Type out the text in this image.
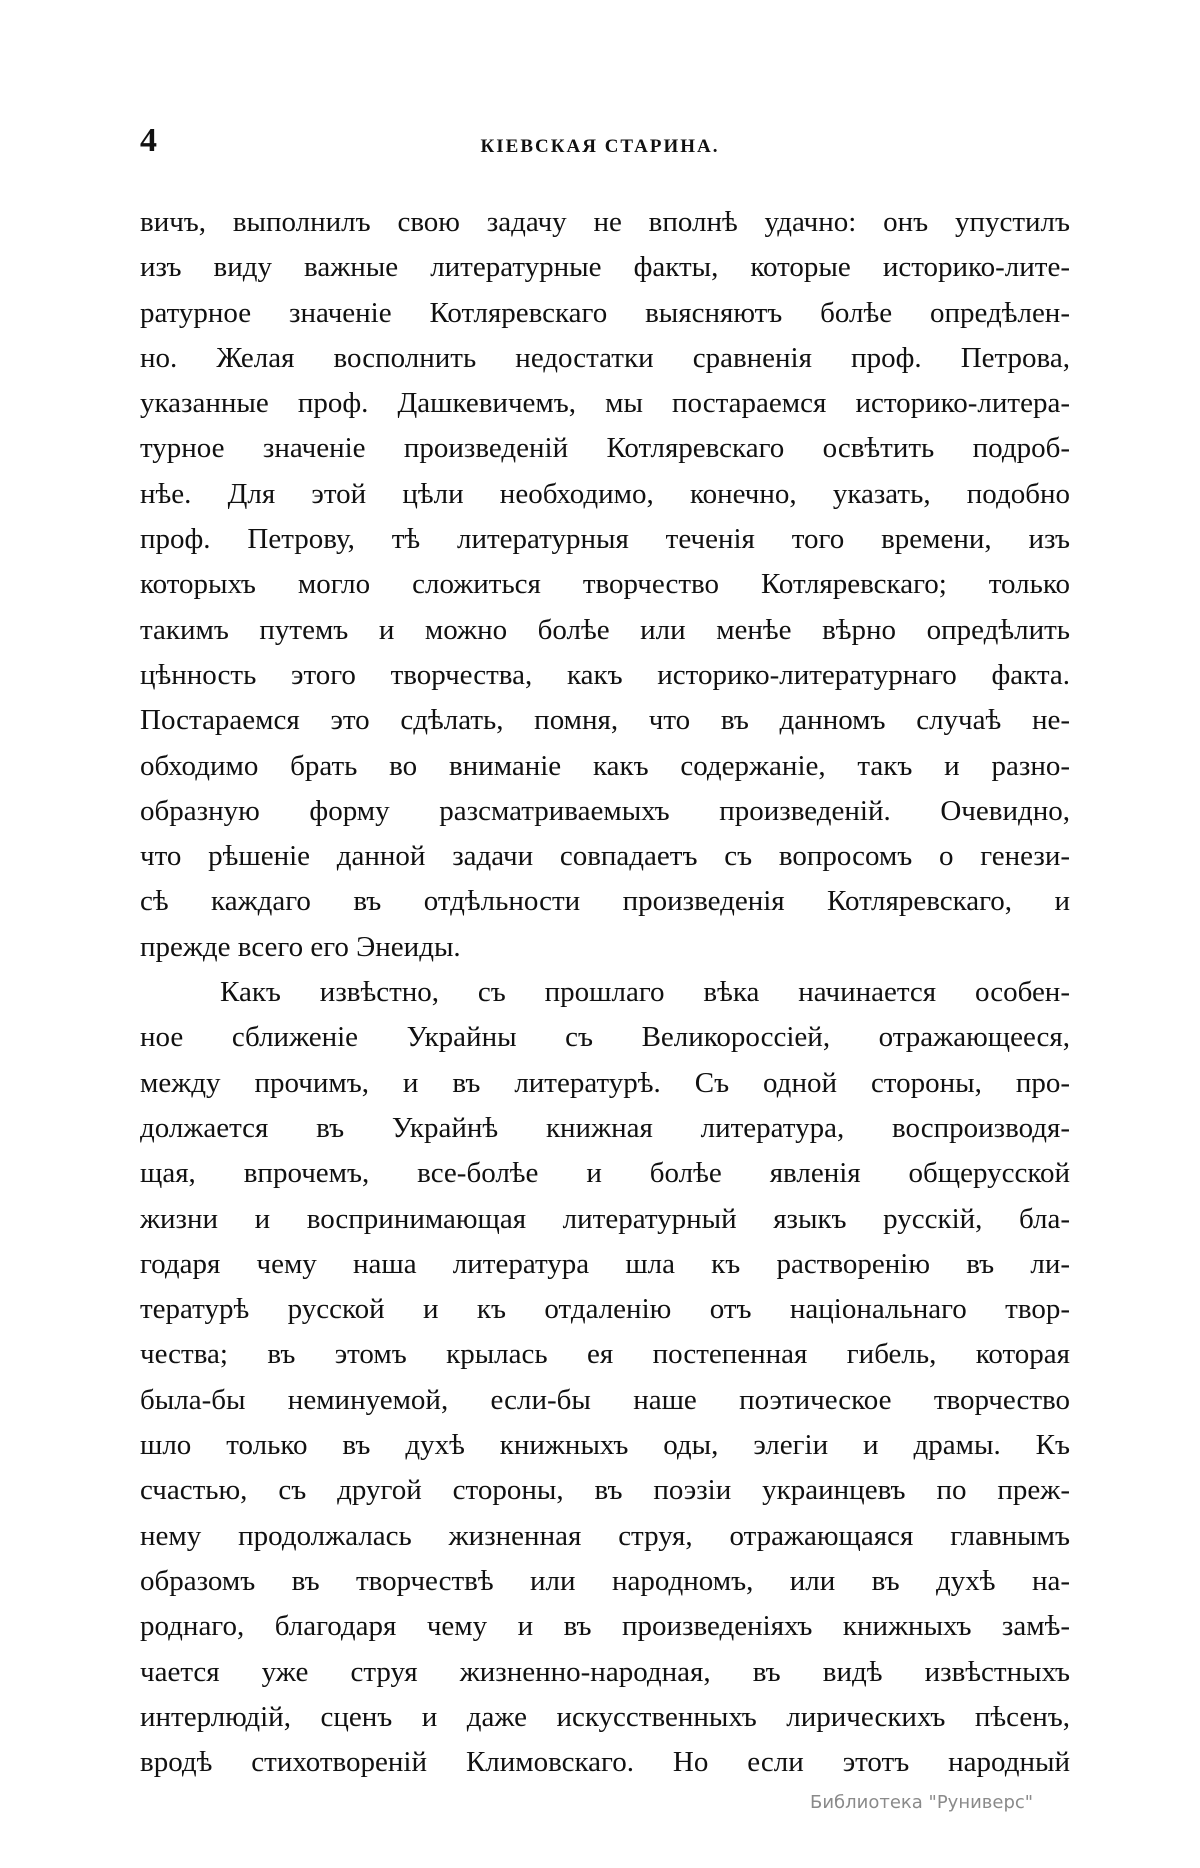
4	КІЕВСКАЯ СТАРИНА.
вичъ, выполнилъ свою задачу не вполнѣ удачно: онъ упустилъ
изъ виду важные литературные факты, которые историко-лите-
ратурное значеніе Котляревскаго выясняютъ болѣе опредѣлен-
но. Желая восполнить недостатки сравненія проф. Петрова,
указанные проф. Дашкевичемъ, мы постараемся историко-литера-
турное значеніе произведеній Котляревскаго освѣтить подроб-
нѣе. Для этой цѣли необходимо, конечно, указать, подобно
проф. Петрову, тѣ литературныя теченія того времени, изъ
которыхъ могло сложиться творчество Котляревскаго; только
такимъ путемъ и можно болѣе или менѣе вѣрно опредѣлить
цѣнность этого творчества, какъ историко-литературнаго факта.
Постараемся это сдѣлать, помня, что въ данномъ случаѣ не-
обходимо брать во вниманіе какъ содержаніе, такъ и разно-
образную форму разсматриваемыхъ произведеній. Очевидно,
что рѣшеніе данной задачи совпадаетъ съ вопросомъ о генези-
сѣ каждаго въ отдѣльности произведенія Котляревскаго, и
прежде всего его Энеиды.
Какъ извѣстно, съ прошлаго вѣка начинается особен-
ное сближеніе Украйны съ Великороссіей, отражающееся,
между прочимъ, и въ литературѣ. Съ одной стороны, про-
должается въ Украйнѣ книжная литература, воспроизводя-
щая, впрочемъ, все-болѣе и болѣе явленія общерусской
жизни и воспринимающая литературный языкъ русскій, бла-
годаря чему наша литература шла къ растворенію въ ли-
тературѣ русской и къ отдаленію отъ національнаго твор-
чества; въ этомъ крылась ея постепенная гибель, которая
была-бы неминуемой, если-бы наше поэтическое творчество
шло только въ духѣ книжныхъ оды, элегіи и драмы. Къ
счастью, съ другой стороны, въ поэзіи украинцевъ по преж-
нему продолжалась жизненная струя, отражающаяся главнымъ
образомъ въ творчествѣ или народномъ, или въ духѣ на-
роднаго, благодаря чему и въ произведеніяхъ книжныхъ замѣ-
чается уже струя жизненно-народная, въ видѣ извѣстныхъ
интерлюдій, сценъ и даже искусственныхъ лирическихъ пѣсенъ,
вродѣ стихотвореній Климовскаго. Но если этотъ народный
Библиотека "Руниверс"
